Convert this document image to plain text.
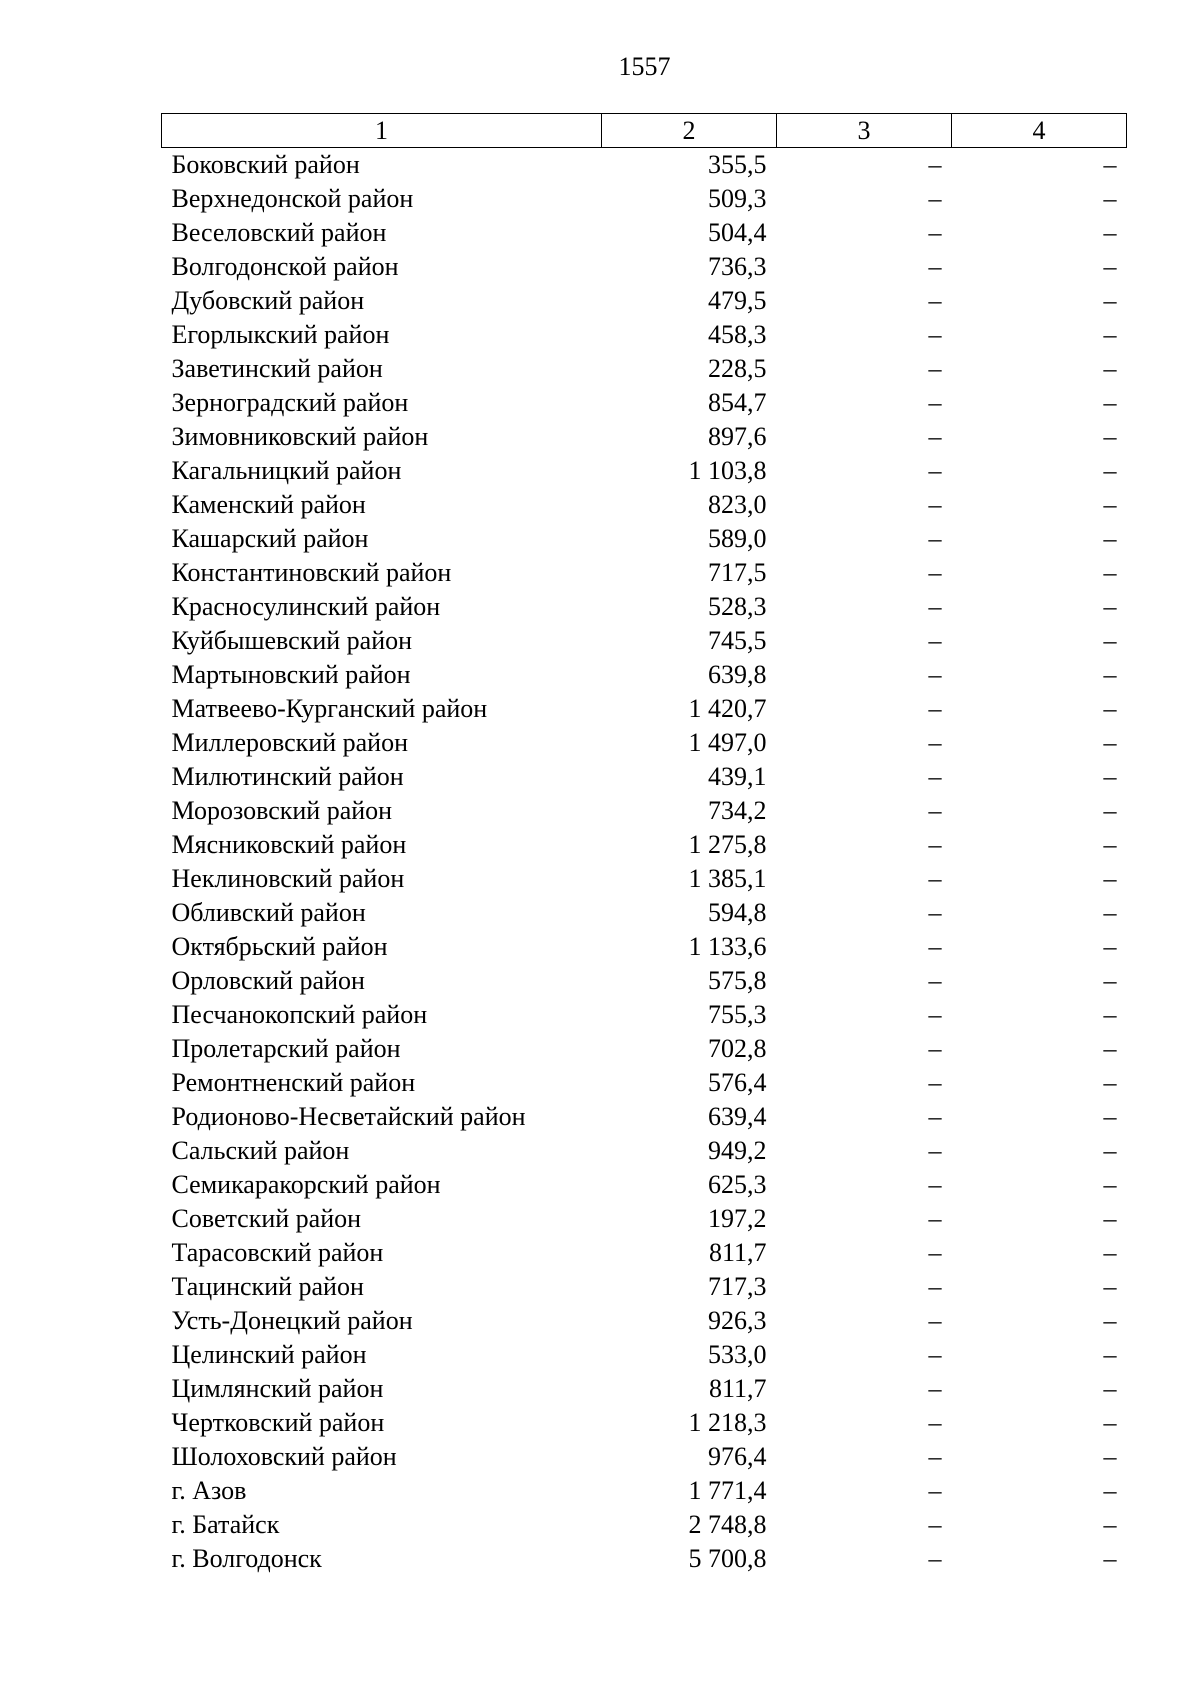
1557
1	2	3	4
Боковский район	355,5	–	–
Верхнедонской район	509,3	–	–
Веселовский район	504,4	–	–
Волгодонской район	736,3	–	–
Дубовский район	479,5	–	–
Егорлыкский район	458,3	–	–
Заветинский район	228,5	–	–
Зерноградский район	854,7	–	–
Зимовниковский район	897,6	–	–
Кагальницкий район	1 103,8	–	–
Каменский район	823,0	–	–
Кашарский район	589,0	–	–
Константиновский район	717,5	–	–
Красносулинский район	528,3	–	–
Куйбышевский район	745,5	–	–
Мартыновский район	639,8	–	–
Матвеево-Курганский район	1 420,7	–	–
Миллеровский район	1 497,0	–	–
Милютинский район	439,1	–	–
Морозовский район	734,2	–	–
Мясниковский район	1 275,8	–	–
Неклиновский район	1 385,1	–	–
Обливский район	594,8	–	–
Октябрьский район	1 133,6	–	–
Орловский район	575,8	–	–
Песчанокопский район	755,3	–	–
Пролетарский район	702,8	–	–
Ремонтненский район	576,4	–	–
Родионово-Несветайский район	639,4	–	–
Сальский район	949,2	–	–
Семикаракорский район	625,3	–	–
Советский район	197,2	–	–
Тарасовский район	811,7	–	–
Тацинский район	717,3	–	–
Усть-Донецкий район	926,3	–	–
Целинский район	533,0	–	–
Цимлянский район	811,7	–	–
Чертковский район	1 218,3	–	–
Шолоховский район	976,4	–	–
г. Азов	1 771,4	–	–
г. Батайск	2 748,8	–	–
г. Волгодонск	5 700,8	–	–
